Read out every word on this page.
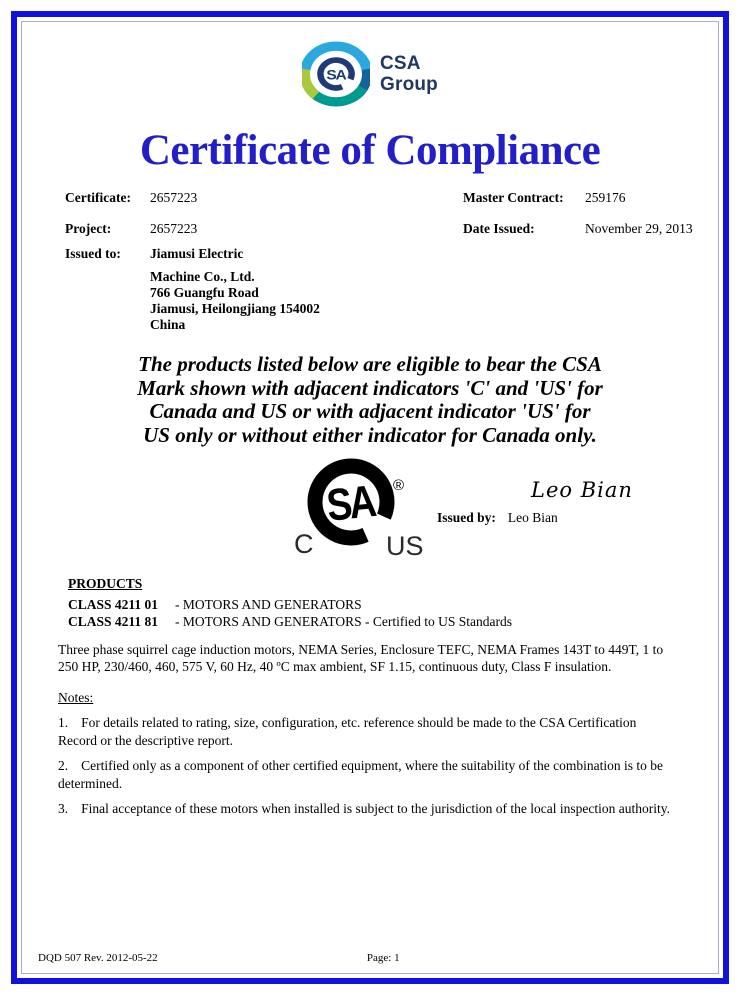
SA
CSA
Group
Certificate of Compliance
Certificate:	2657223	Master Contract:	259176
Project:	2657223	Date Issued:	November 29, 2013
Issued to:	Jiamusi Electric
Machine Co., Ltd.
766 Guangfu Road
Jiamusi, Heilongjiang 154002
China
The products listed below are eligible to bear the CSA
Mark shown with adjacent indicators 'C' and 'US' for
Canada and US or with adjacent indicator 'US' for
US only or without either indicator for Canada only.
SA ®
C	US
Leo Bian
Issued by: Leo Bian
PRODUCTS
CLASS 4211 01	- MOTORS AND GENERATORS
CLASS 4211 81	- MOTORS AND GENERATORS - Certified to US Standards

Three phase squirrel cage induction motors, NEMA Series, Enclosure TEFC, NEMA Frames 143T to 449T, 1 to 250 HP, 230/460, 460, 575 V, 60 Hz, 40 ºC max ambient, SF 1.15, continuous duty, Class F insulation.

Notes:

1. For details related to rating, size, configuration, etc. reference should be made to the CSA Certification Record or the descriptive report.

2. Certified only as a component of other certified equipment, where the suitability of the combination is to be determined.

3. Final acceptance of these motors when installed is subject to the jurisdiction of the local inspection authority.

DQD 507 Rev. 2012-05-22	Page: 1
